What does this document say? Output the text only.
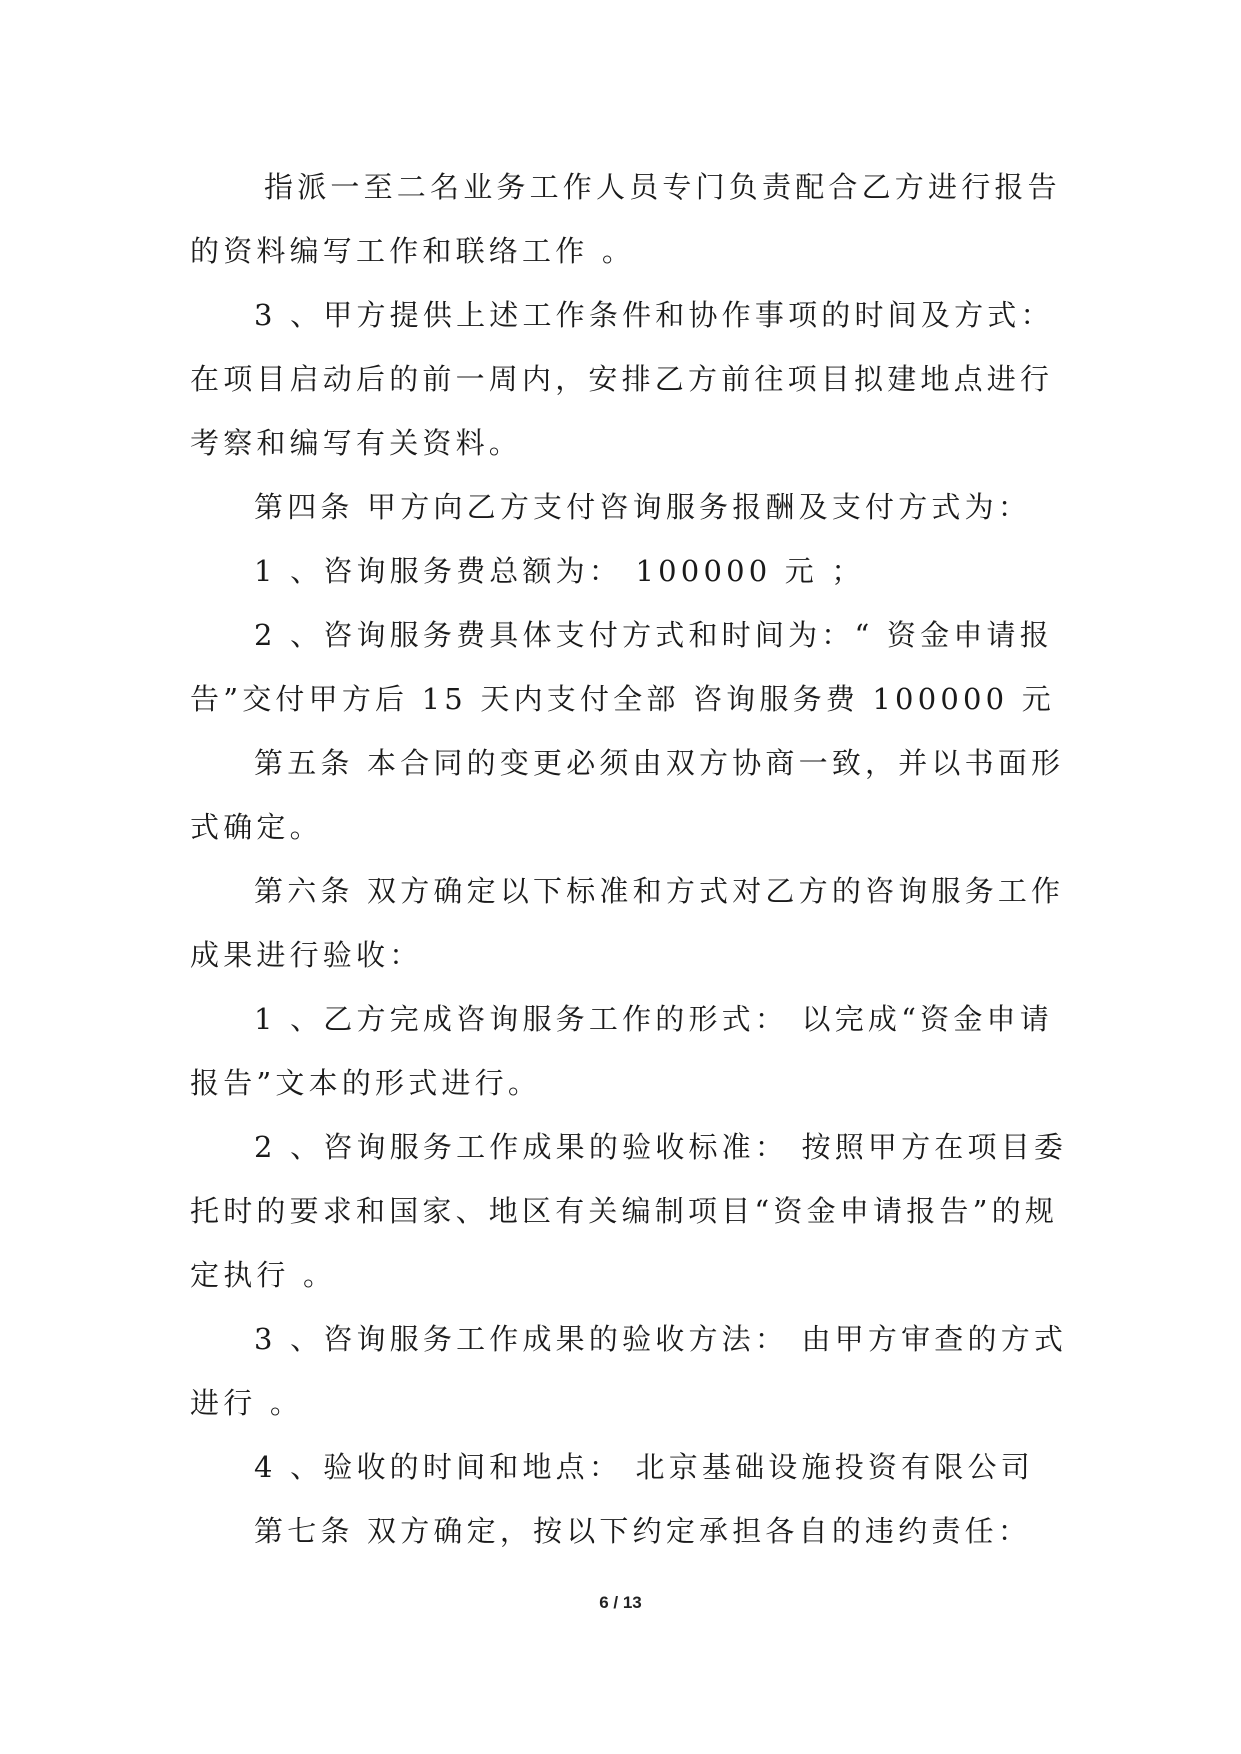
指派一至二名业务工作人员专门负责配合乙方进行报告的资料编写工作和联络工作 。

3 、甲方提供上述工作条件和协作事项的时间及方式： 在项目启动后的前一周内，安排乙方前往项目拟建地点进行考察和编写有关资料。

第四条 甲方向乙方支付咨询服务报酬及支付方式为：

1 、咨询服务费总额为： 100000 元 ；

2 、咨询服务费具体支付方式和时间为：“ 资金申请报告”交付甲方后 15 天内支付全部 咨询服务费 100000 元

第五条 本合同的变更必须由双方协商一致，并以书面形式确定。

第六条 双方确定以下标准和方式对乙方的咨询服务工作成果进行验收：

1 、乙方完成咨询服务工作的形式： 以完成“资金申请报告”文本的形式进行。

2 、咨询服务工作成果的验收标准： 按照甲方在项目委托时的要求和国家、地区有关编制项目“资金申请报告”的规定执行 。

3 、咨询服务工作成果的验收方法： 由甲方审查的方式进行 。

4 、验收的时间和地点： 北京基础设施投资有限公司

第七条 双方确定，按以下约定承担各自的违约责任：

6 / 13
